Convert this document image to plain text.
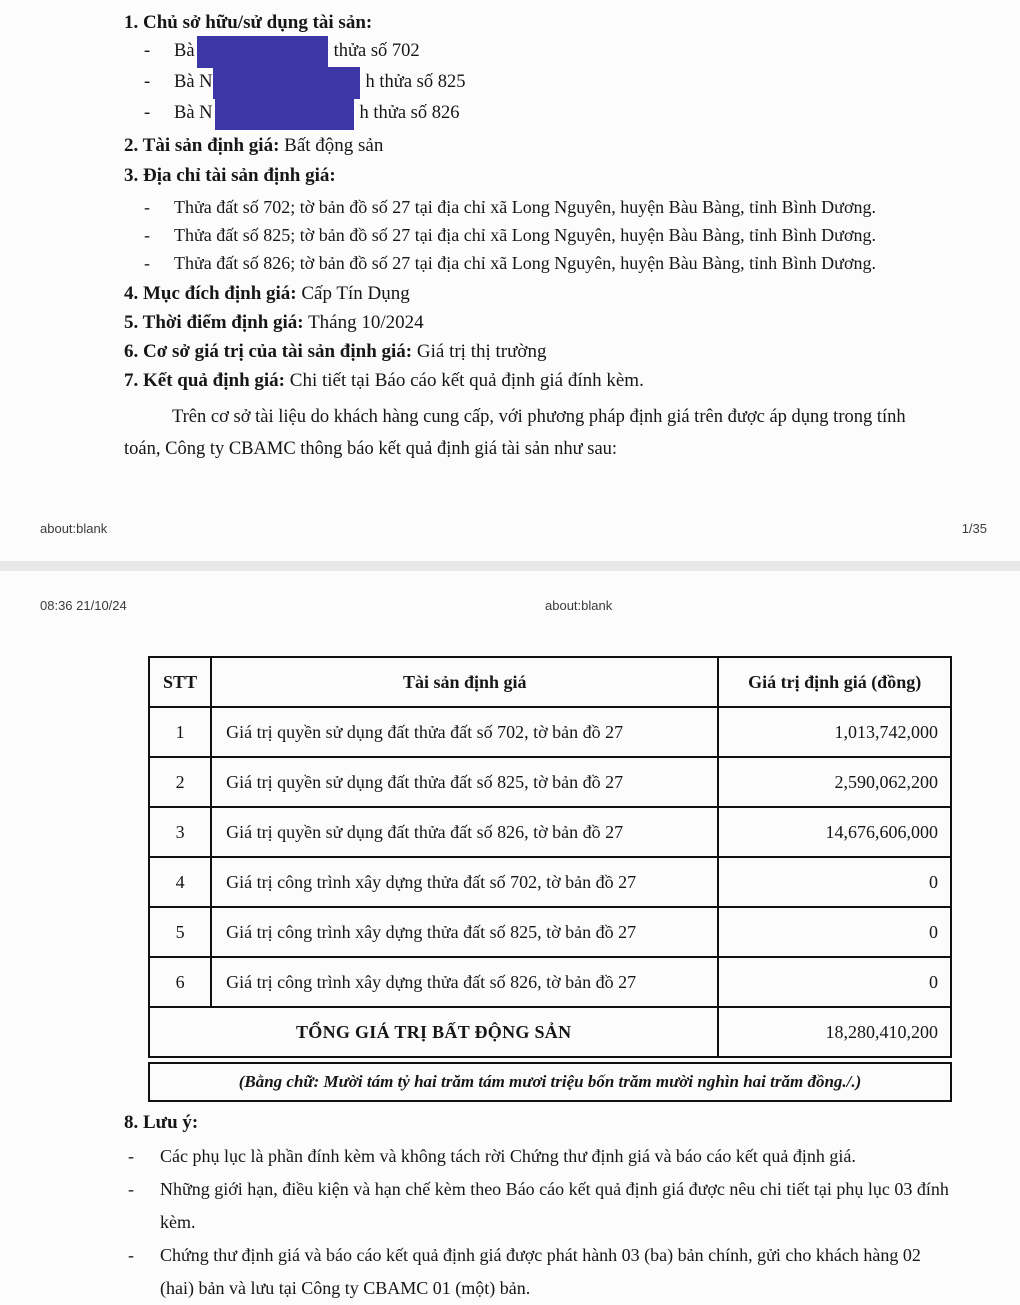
1. Chủ sở hữu/sử dụng tài sản:
-	Bà	thửa số 702
-	Bà N	h thửa số 825
-	Bà N	h thửa số 826
2. Tài sản định giá: Bất động sản
3. Địa chỉ tài sản định giá:
-	Thửa đất số 702; tờ bản đồ số 27 tại địa chỉ xã Long Nguyên, huyện Bàu Bàng, tỉnh Bình Dương.
-	Thửa đất số 825; tờ bản đồ số 27 tại địa chỉ xã Long Nguyên, huyện Bàu Bàng, tỉnh Bình Dương.
-	Thửa đất số 826; tờ bản đồ số 27 tại địa chỉ xã Long Nguyên, huyện Bàu Bàng, tỉnh Bình Dương.
4. Mục đích định giá: Cấp Tín Dụng
5. Thời điểm định giá: Tháng 10/2024
6. Cơ sở giá trị của tài sản định giá: Giá trị thị trường
7. Kết quả định giá: Chi tiết tại Báo cáo kết quả định giá đính kèm.
Trên cơ sở tài liệu do khách hàng cung cấp, với phương pháp định giá trên được áp dụng trong tính toán, Công ty CBAMC thông báo kết quả định giá tài sản như sau:
about:blank	1/35
08:36 21/10/24	about:blank
STT	Tài sản định giá	Giá trị định giá (đồng)
1	Giá trị quyền sử dụng đất thửa đất số 702, tờ bản đồ 27	1,013,742,000
2	Giá trị quyền sử dụng đất thửa đất số 825, tờ bản đồ 27	2,590,062,200
3	Giá trị quyền sử dụng đất thửa đất số 826, tờ bản đồ 27	14,676,606,000
4	Giá trị công trình xây dựng thửa đất số 702, tờ bản đồ 27	0
5	Giá trị công trình xây dựng thửa đất số 825, tờ bản đồ 27	0
6	Giá trị công trình xây dựng thửa đất số 826, tờ bản đồ 27	0
TỔNG GIÁ TRỊ BẤT ĐỘNG SẢN		18,280,410,200
(Bằng chữ: Mười tám tỷ hai trăm tám mươi triệu bốn trăm mười nghìn hai trăm đồng./.)
8. Lưu ý:
-	Các phụ lục là phần đính kèm và không tách rời Chứng thư định giá và báo cáo kết quả định giá.
-	Những giới hạn, điều kiện và hạn chế kèm theo Báo cáo kết quả định giá được nêu chi tiết tại phụ lục 03 đính kèm.
-	Chứng thư định giá và báo cáo kết quả định giá được phát hành 03 (ba) bản chính, gửi cho khách hàng 02 (hai) bản và lưu tại Công ty CBAMC 01 (một) bản.
